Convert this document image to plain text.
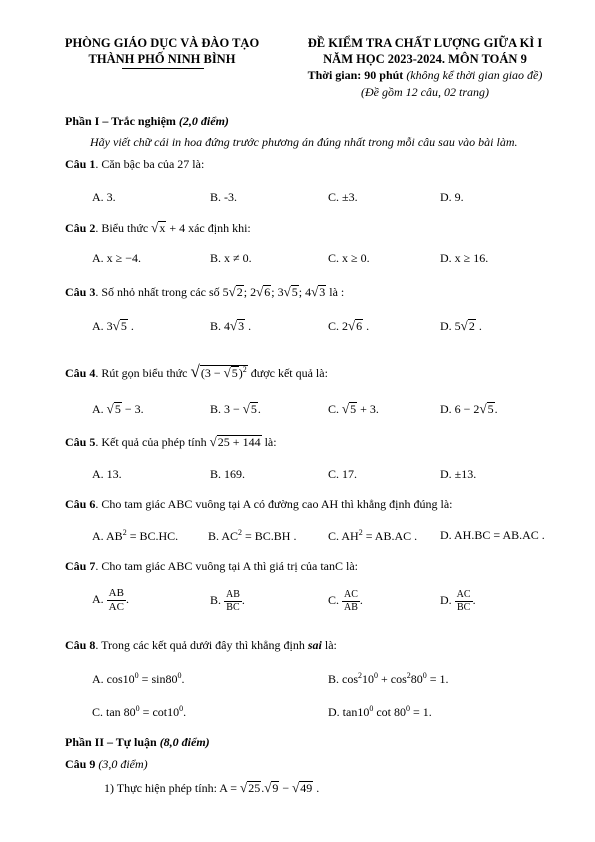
PHÒNG GIÁO DỤC VÀ ĐÀO TẠO
THÀNH PHỐ NINH BÌNH
ĐỀ KIỂM TRA CHẤT LƯỢNG GIỮA KÌ I
NĂM HỌC 2023-2024. MÔN TOÁN 9
Thời gian: 90 phút (không kể thời gian giao đề)
(Đề gồm 12 câu, 02 trang)
Phần I – Trắc nghiệm (2,0 điểm)
Hãy viết chữ cái in hoa đứng trước phương án đúng nhất trong mỗi câu sau vào bài làm.
Câu 1. Căn bậc ba của 27 là:
A. 3.	B. -3.	C. ±3.	D. 9.
Câu 2. Biểu thức √x + 4 xác định khi:
A. x ≥ −4.	B. x ≠ 0.	C. x ≥ 0.	D. x ≥ 16.
Câu 3. Số nhỏ nhất trong các số 5√2; 2√6; 3√5; 4√3 là :
A. 3√5 .	B. 4√3 .	C. 2√6 .	D. 5√2 .
Câu 4. Rút gọn biểu thức $√(3 - √5)^2$ được kết quả là:
A. √5 − 3.	B. 3 − √5.	C. √5 + 3.	D. 6 − 2√5.
Câu 5. Kết quả của phép tính √25 + 144 là:
A. 13.	B. 169.	C. 17.	D. ±13.
Câu 6. Cho tam giác ABC vuông tại A có đường cao AH thì khẳng định đúng là:
A. $AB^2 = BC.HC$. B. $AC^2 = BC.BH$ .	C. $AH^2 = AB.AC$ . D. AH.BC = AB.AC .
Câu 7. Cho tam giác ABC vuông tại A thì giá trị của tanC là:
A. $\frac{AB}{AC}$ .	B. $\frac{AB}{BC}$ .	C. $\frac{AC}{AB}$ .	D. $\frac{AC}{BC}$ .
Câu 8. Trong các kết quả dưới đây thì khẳng định sai là:
A. $\cos 10^0 = \sin 80^0$.	B. $\cos^210^0 + \cos^280^0 = 1$.
C. $\tan 80^0 = \cot 10^0$.	D. $\tan 10^0$ $\cot 80^0 = 1$.
Phần II – Tự luận (8,0 điểm)
Câu 9 (3,0 điểm)
1) Thực hiện phép tính: A = √25.√9 − √49 .
